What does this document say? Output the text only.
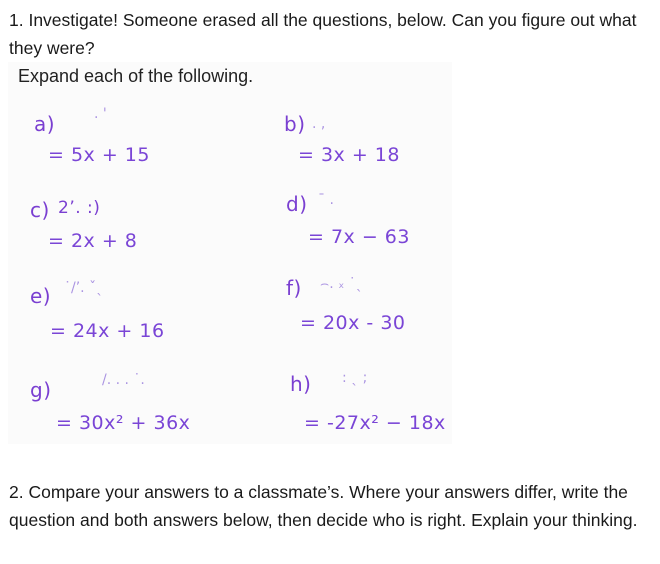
1. Investigate! Someone erased all the questions, below. Can you figure out what they were?
Expand each of the following.
a)	. '
= 5x + 15
b) . ,
= 3x + 18
c) 2’. :)
= 2x + 8
d) ˉ .
= 7x − 63
e) ˙/’. ˇˎ
= 24x + 16
f) ⌢. ₓ ˙ˎ
= 20x - 30
g)	/. . . ˙.
= 30x² + 36x
h) : ˎ ;
= -27x² − 18x
2. Compare your answers to a classmate’s. Where your answers differ, write the question and both answers below, then decide who is right. Explain your thinking.
